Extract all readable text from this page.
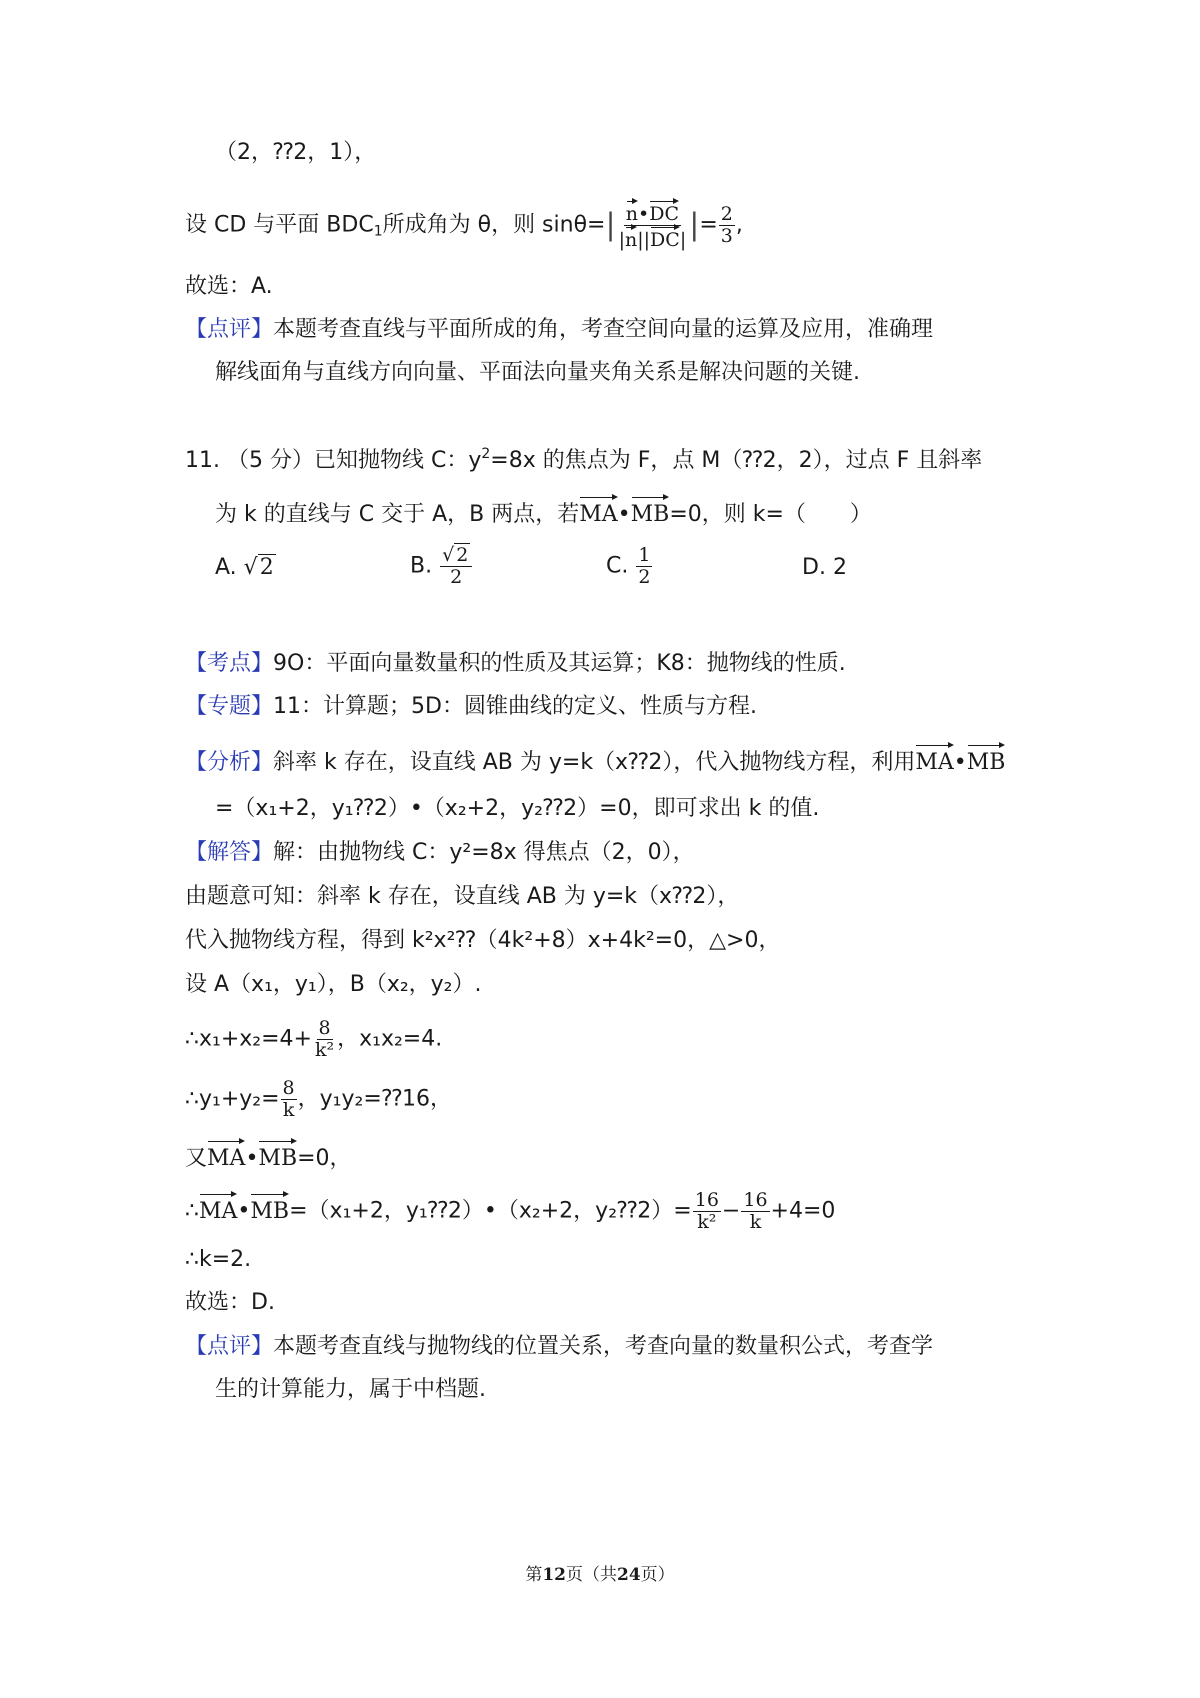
（2，⁇2，1），
设 CD 与平面 $BDC_1$所成角为 θ，则 $\sin\theta=| \frac{n•DC}{|n||DC|}$ |= $\frac{2}{3}$ ,
故选：A.
【点评】本题考查直线与平面所成的角，考查空间向量的运算及应用，准确理
解线面角与直线方向向量、平面法向量夹角关系是解决问题的关键.
11. （5 分）已知抛物线 C：$y^2=8x$ 的焦点为 F，点 M（⁇2，2），过点 F 且斜率
为 k 的直线与 C 交于 A，B 两点，若MA•MB=0，则 k=（　　）
A. √2	B. $\frac{√ 2}{2}$	C. $\frac{1}{2}$	D. 2
【考点】9O：平面向量数量积的性质及其运算；K8：抛物线的性质.
【专题】11：计算题；5D：圆锥曲线的定义、性质与方程.
【分析】斜率 k 存在，设直线 AB 为 y=k（x⁇2），代入抛物线方程，利用MA•MB
=（x₁+2，y₁⁇2）•（x₂+2，y₂⁇2）=0，即可求出 k 的值.
【解答】解：由抛物线 C：y²=8x 得焦点（2，0），
由题意可知：斜率 k 存在，设直线 AB 为 y=k（x⁇2），
代入抛物线方程，得到 k²x²⁇（4k²+8）x+4k²=0，△>0，
设 A（x₁，y₁），B（x₂，y₂）.
∴x₁+x₂=4+ $\frac{8}{\text{k²}}$ ，x₁x₂=4.
∴y₁+y₂= $\frac{8}{k}$ ，y₁y₂=⁇16，
又MA•MB=0，
∴MA•MB=（x₁+2，y₁⁇2）•（x₂+2，y₂⁇2）= $\frac{16}{\text{k²}} - \frac{16}{k} +4=0$
∴k=2.
故选：D.
【点评】本题考查直线与抛物线的位置关系，考查向量的数量积公式，考查学
生的计算能力，属于中档题.
第12页（共24页）
